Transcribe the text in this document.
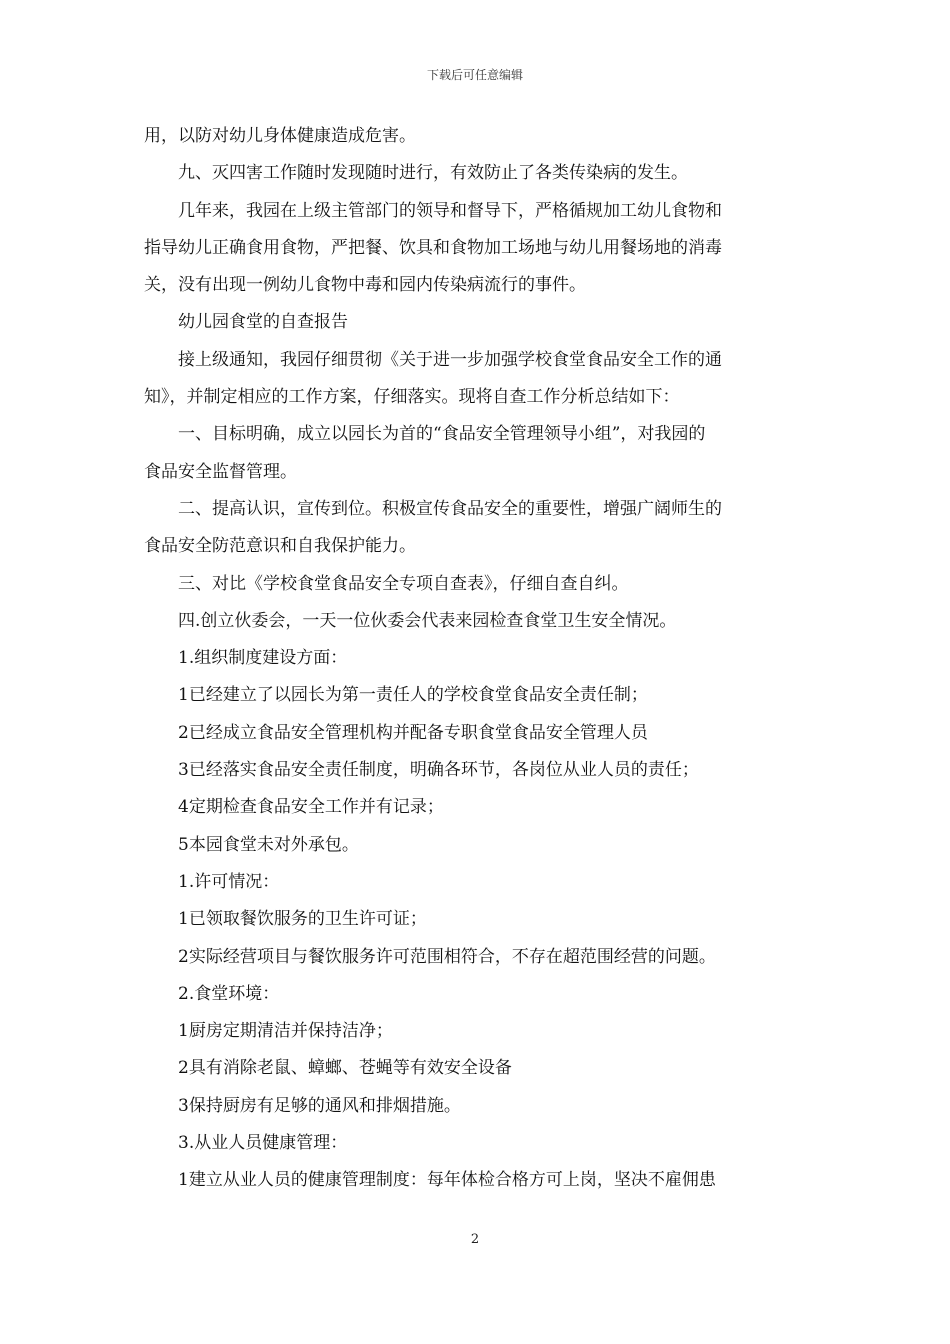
下载后可任意编辑
用，以防对幼儿身体健康造成危害。
九、灭四害工作随时发现随时进行，有效防止了各类传染病的发生。
几年来，我园在上级主管部门的领导和督导下，严格循规加工幼儿食物和
指导幼儿正确食用食物，严把餐、饮具和食物加工场地与幼儿用餐场地的消毒
关，没有出现一例幼儿食物中毒和园内传染病流行的事件。
幼儿园食堂的自查报告
接上级通知，我园仔细贯彻《关于进一步加强学校食堂食品安全工作的通
知》，并制定相应的工作方案，仔细落实。现将自查工作分析总结如下：
一、目标明确，成立以园长为首的“食品安全管理领导小组”，对我园的
食品安全监督管理。
二、提高认识，宣传到位。积极宣传食品安全的重要性，增强广阔师生的
食品安全防范意识和自我保护能力。
三、对比《学校食堂食品安全专项自查表》，仔细自查自纠。
四.创立伙委会，一天一位伙委会代表来园检查食堂卫生安全情况。
1.组织制度建设方面：
1已经建立了以园长为第一责任人的学校食堂食品安全责任制；
2已经成立食品安全管理机构并配备专职食堂食品安全管理人员
3已经落实食品安全责任制度，明确各环节，各岗位从业人员的责任；
4定期检查食品安全工作并有记录；
5本园食堂未对外承包。
1.许可情况：
1已领取餐饮服务的卫生许可证；
2实际经营项目与餐饮服务许可范围相符合，不存在超范围经营的问题。
2.食堂环境：
1厨房定期清洁并保持洁净；
2具有消除老鼠、蟑螂、苍蝇等有效安全设备
3保持厨房有足够的通风和排烟措施。
3.从业人员健康管理：
1建立从业人员的健康管理制度：每年体检合格方可上岗，坚决不雇佣患
2
